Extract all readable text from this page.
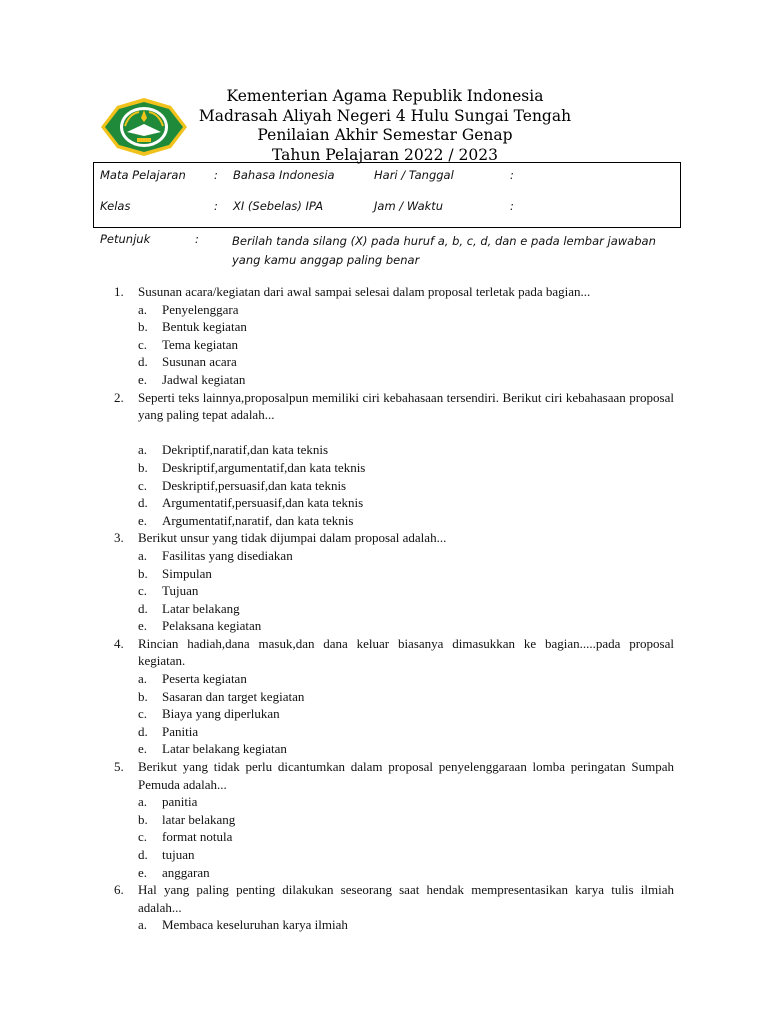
Kementerian Agama Republik Indonesia
Madrasah Aliyah Negeri 4 Hulu Sungai Tengah
Penilaian Akhir Semestar Genap
Tahun Pelajaran 2022 / 2023
Mata Pelajaran : Bahasa Indonesia	Hari / Tanggal	:
Kelas	: XI (Sebelas) IPA	Jam / Waktu	:
Petunjuk	:	Berilah tanda silang (X) pada huruf a, b, c, d, dan e pada lembar jawaban yang kamu anggap paling benar
1.	Susunan acara/kegiatan dari awal sampai selesai dalam proposal terletak pada bagian...
a.	Penyelenggara
b.	Bentuk kegiatan
c.	Tema kegiatan
d.	Susunan acara
e.	Jadwal kegiatan
2.	Seperti teks lainnya,proposalpun memiliki ciri kebahasaan tersendiri. Berikut ciri kebahasaan proposal yang paling tepat adalah...
a.	Dekriptif,naratif,dan kata teknis
b.	Deskriptif,argumentatif,dan kata teknis
c.	Deskriptif,persuasif,dan kata teknis
d.	Argumentatif,persuasif,dan kata teknis
e.	Argumentatif,naratif, dan kata teknis
3.	Berikut unsur yang tidak dijumpai dalam proposal adalah...
a.	Fasilitas yang disediakan
b.	Simpulan
c.	Tujuan
d.	Latar belakang
e.	Pelaksana kegiatan
4.	Rincian hadiah,dana masuk,dan dana keluar biasanya dimasukkan ke bagian.....pada proposal kegiatan.
a.	Peserta kegiatan
b.	Sasaran dan target kegiatan
c.	Biaya yang diperlukan
d.	Panitia
e.	Latar belakang kegiatan
5.	Berikut yang tidak perlu dicantumkan dalam proposal penyelenggaraan lomba peringatan Sumpah Pemuda adalah...
a.	panitia
b.	latar belakang
c.	format notula
d.	tujuan
e.	anggaran
6.	Hal yang paling penting dilakukan seseorang saat hendak mempresentasikan karya tulis ilmiah adalah...
a.	Membaca keseluruhan karya ilmiah
